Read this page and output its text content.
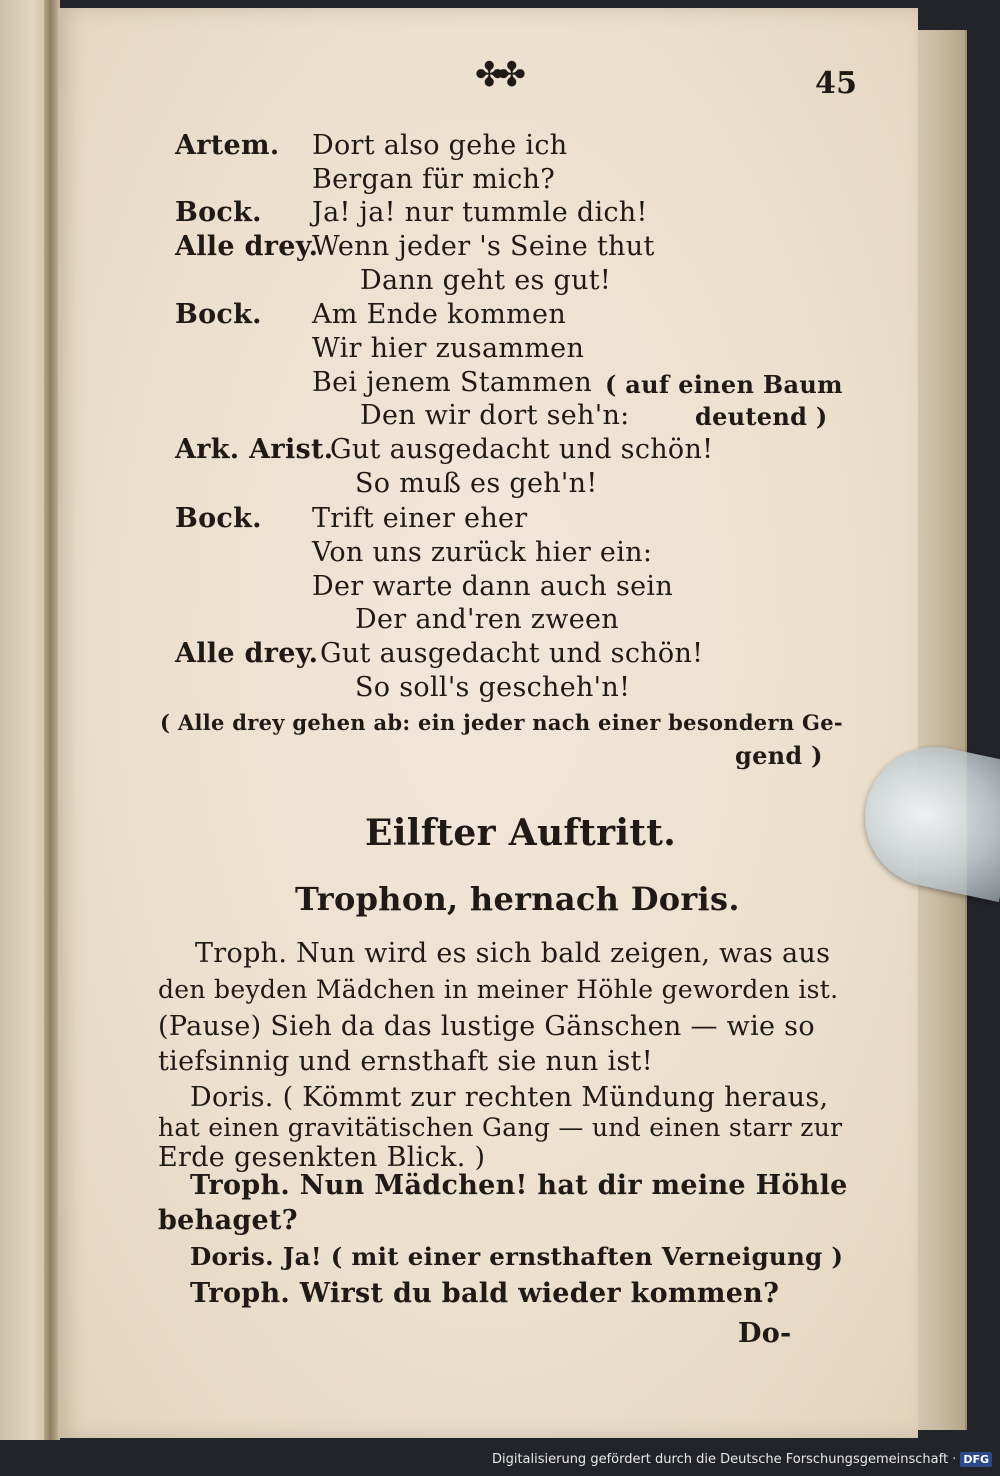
✤✤	45
Artem. Dort also gehe ich
Bergan für mich?
Bock. Ja! ja! nur tummle dich!
Alle drey.
Wenn jeder 's Seine thut
Dann geht es gut!
Bock. Am Ende kommen
Wir hier zusammen
Bei jenem Stammen ( auf einen Baum
Den wir dort seh'n:	deutend )
Ark. Arist.
Gut ausgedacht und schön!
So muß es geh'n!
Bock. Trift einer eher
Von uns zurück hier ein:
Der warte dann auch sein
Der and'ren zween
Alle drey. Gut ausgedacht und schön!
So soll's gescheh'n!
( Alle drey gehen ab: ein jeder nach einer besondern Ge-
gend )
Eilfter Auftritt.
Trophon, hernach Doris.
Troph. Nun wird es sich bald zeigen, was aus
den beyden Mädchen in meiner Höhle geworden ist.
(Pause) Sieh da das lustige Gänschen — wie so
tiefsinnig und ernsthaft sie nun ist!
Doris. ( Kömmt zur rechten Mündung heraus,
hat einen gravitätischen Gang — und einen starr zur
Erde gesenkten Blick. )
Troph. Nun Mädchen! hat dir meine Höhle
behaget?
Doris. Ja! ( mit einer ernsthaften Verneigung )
Troph. Wirst du bald wieder kommen?
Do-
Digitalisierung gefördert durch die Deutsche Forschungsgemeinschaft · DFG
